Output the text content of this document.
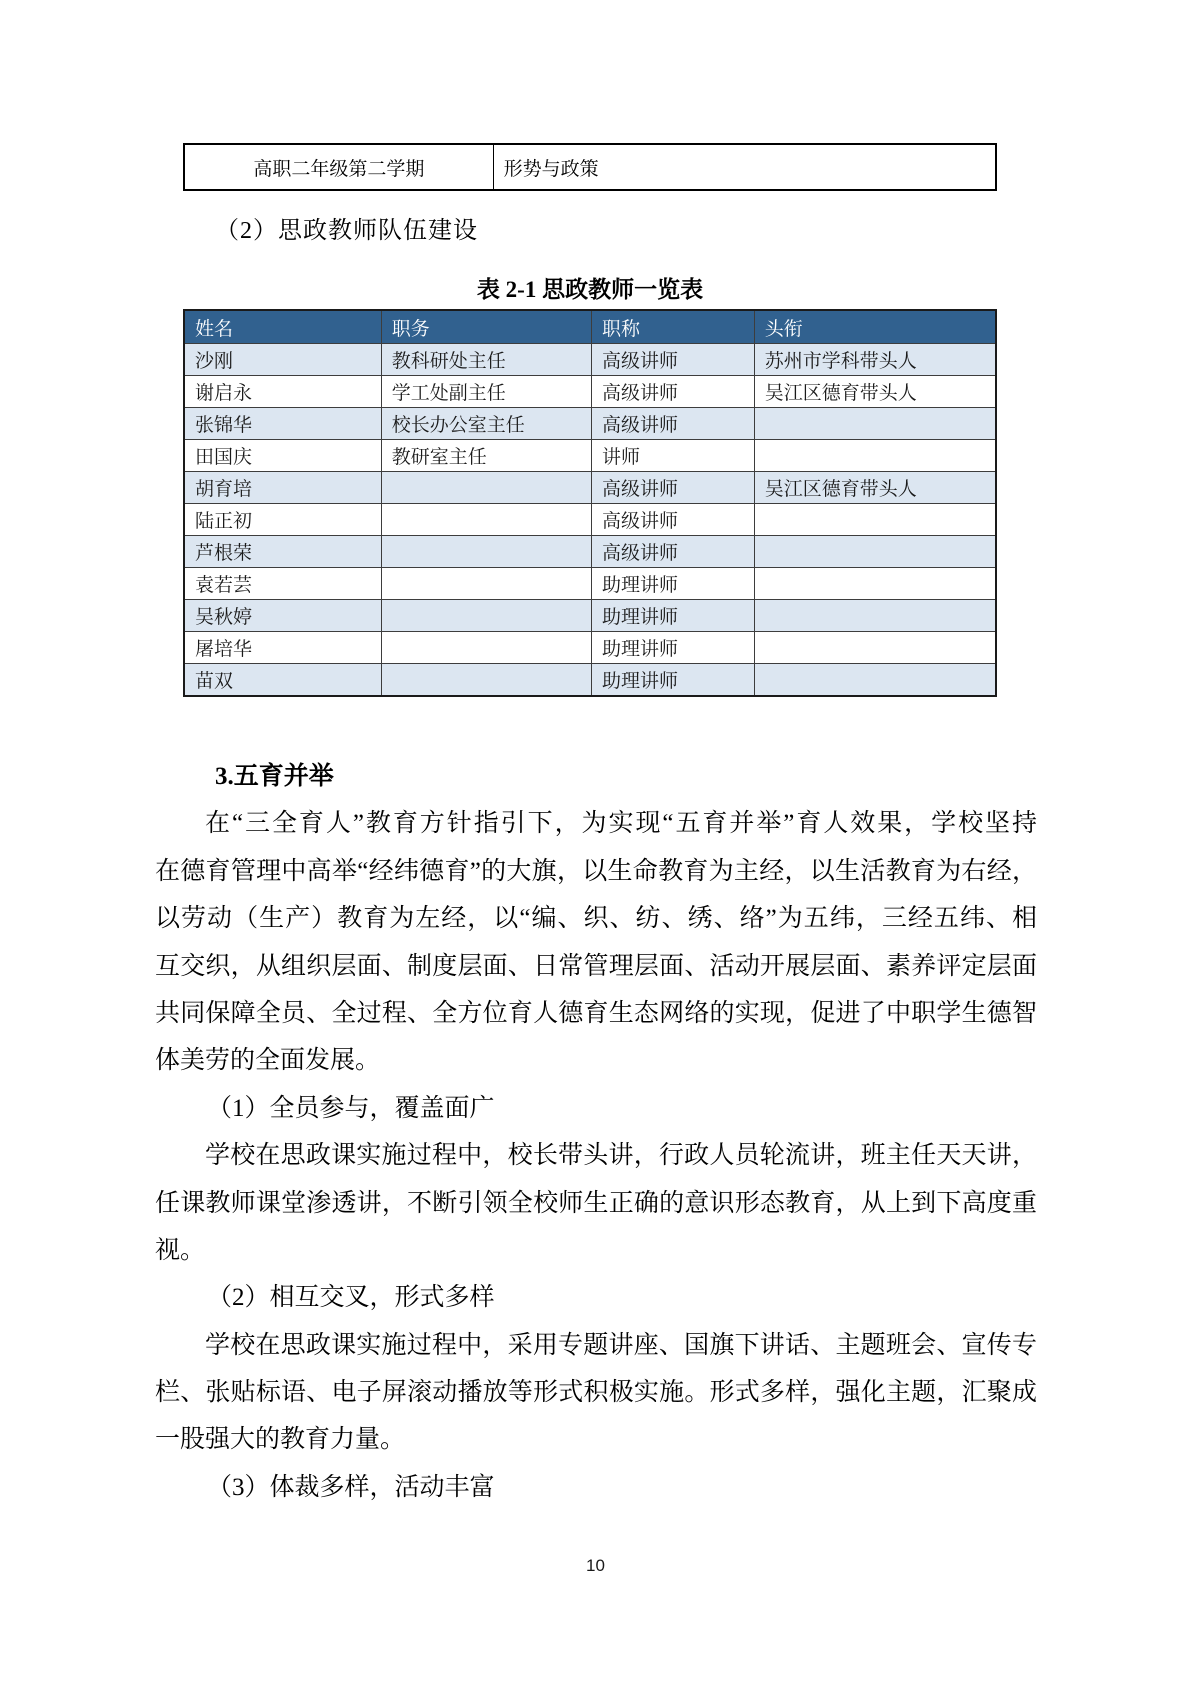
高职二年级第二学期	形势与政策
（2）思政教师队伍建设
表 2-1 思政教师一览表
姓名	职务	职称	头衔
沙刚	教科研处主任	高级讲师	苏州市学科带头人
谢启永	学工处副主任	高级讲师	吴江区德育带头人
张锦华	校长办公室主任	高级讲师	
田国庆	教研室主任	讲师	
胡育培		高级讲师	吴江区德育带头人
陆正初		高级讲师	
芦根荣		高级讲师	
袁若芸		助理讲师	
吴秋婷		助理讲师	
屠培华		助理讲师	
苗双		助理讲师	
3.五育并举
在“三全育人”教育方针指引下，为实现“五育并举”育人效果，学校坚持
在德育管理中高举“经纬德育”的大旗，以生命教育为主经，以生活教育为右经，
以劳动（生产）教育为左经，以“编、织、纺、绣、络”为五纬，三经五纬、相
互交织，从组织层面、制度层面、日常管理层面、活动开展层面、素养评定层面
共同保障全员、全过程、全方位育人德育生态网络的实现，促进了中职学生德智
体美劳的全面发展。
（1）全员参与，覆盖面广
学校在思政课实施过程中，校长带头讲，行政人员轮流讲，班主任天天讲，
任课教师课堂渗透讲，不断引领全校师生正确的意识形态教育，从上到下高度重
视。
（2）相互交叉，形式多样
学校在思政课实施过程中，采用专题讲座、国旗下讲话、主题班会、宣传专
栏、张贴标语、电子屏滚动播放等形式积极实施。形式多样，强化主题，汇聚成
一股强大的教育力量。
（3）体裁多样，活动丰富
10
